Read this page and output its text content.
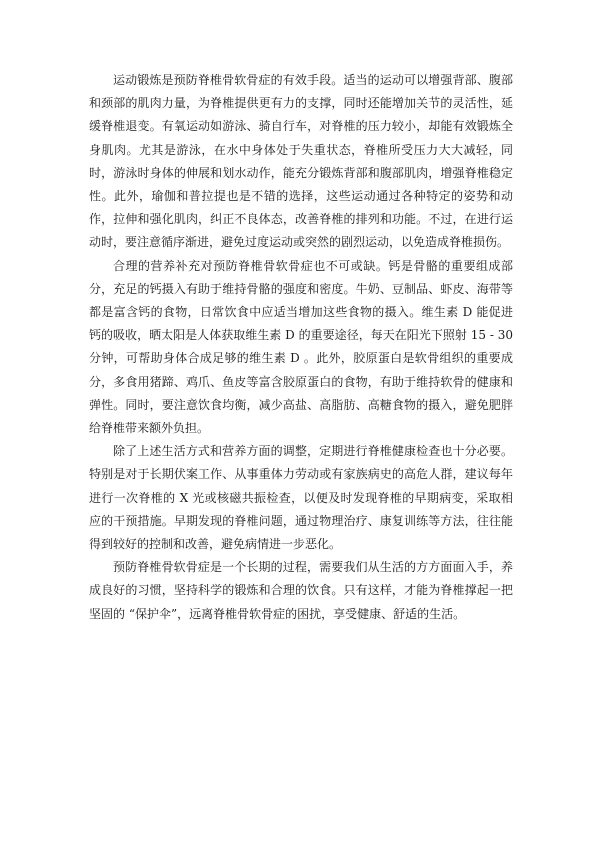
运动锻炼是预防脊椎骨软骨症的有效手段。适当的运动可以增强背部、腹部和颈部的肌肉力量，为脊椎提供更有力的支撑，同时还能增加关节的灵活性，延缓脊椎退变。有氧运动如游泳、骑自行车，对脊椎的压力较小，却能有效锻炼全身肌肉。尤其是游泳，在水中身体处于失重状态，脊椎所受压力大大减轻，同时，游泳时身体的伸展和划水动作，能充分锻炼背部和腹部肌肉，增强脊椎稳定性。此外，瑜伽和普拉提也是不错的选择，这些运动通过各种特定的姿势和动作，拉伸和强化肌肉，纠正不良体态，改善脊椎的排列和功能。不过，在进行运动时，要注意循序渐进，避免过度运动或突然的剧烈运动，以免造成脊椎损伤。

合理的营养补充对预防脊椎骨软骨症也不可或缺。钙是骨骼的重要组成部分，充足的钙摄入有助于维持骨骼的强度和密度。牛奶、豆制品、虾皮、海带等都是富含钙的食物，日常饮食中应适当增加这些食物的摄入。维生素 D 能促进钙的吸收，晒太阳是人体获取维生素 D 的重要途径，每天在阳光下照射 15 - 30 分钟，可帮助身体合成足够的维生素 D 。此外，胶原蛋白是软骨组织的重要成分，多食用猪蹄、鸡爪、鱼皮等富含胶原蛋白的食物，有助于维持软骨的健康和弹性。同时，要注意饮食均衡，减少高盐、高脂肪、高糖食物的摄入，避免肥胖给脊椎带来额外负担。

除了上述生活方式和营养方面的调整，定期进行脊椎健康检查也十分必要。特别是对于长期伏案工作、从事重体力劳动或有家族病史的高危人群，建议每年进行一次脊椎的 X 光或核磁共振检查，以便及时发现脊椎的早期病变，采取相应的干预措施。早期发现的脊椎问题，通过物理治疗、康复训练等方法，往往能得到较好的控制和改善，避免病情进一步恶化。

预防脊椎骨软骨症是一个长期的过程，需要我们从生活的方方面面入手，养成良好的习惯，坚持科学的锻炼和合理的饮食。只有这样，才能为脊椎撑起一把坚固的 “保护伞”，远离脊椎骨软骨症的困扰，享受健康、舒适的生活。
